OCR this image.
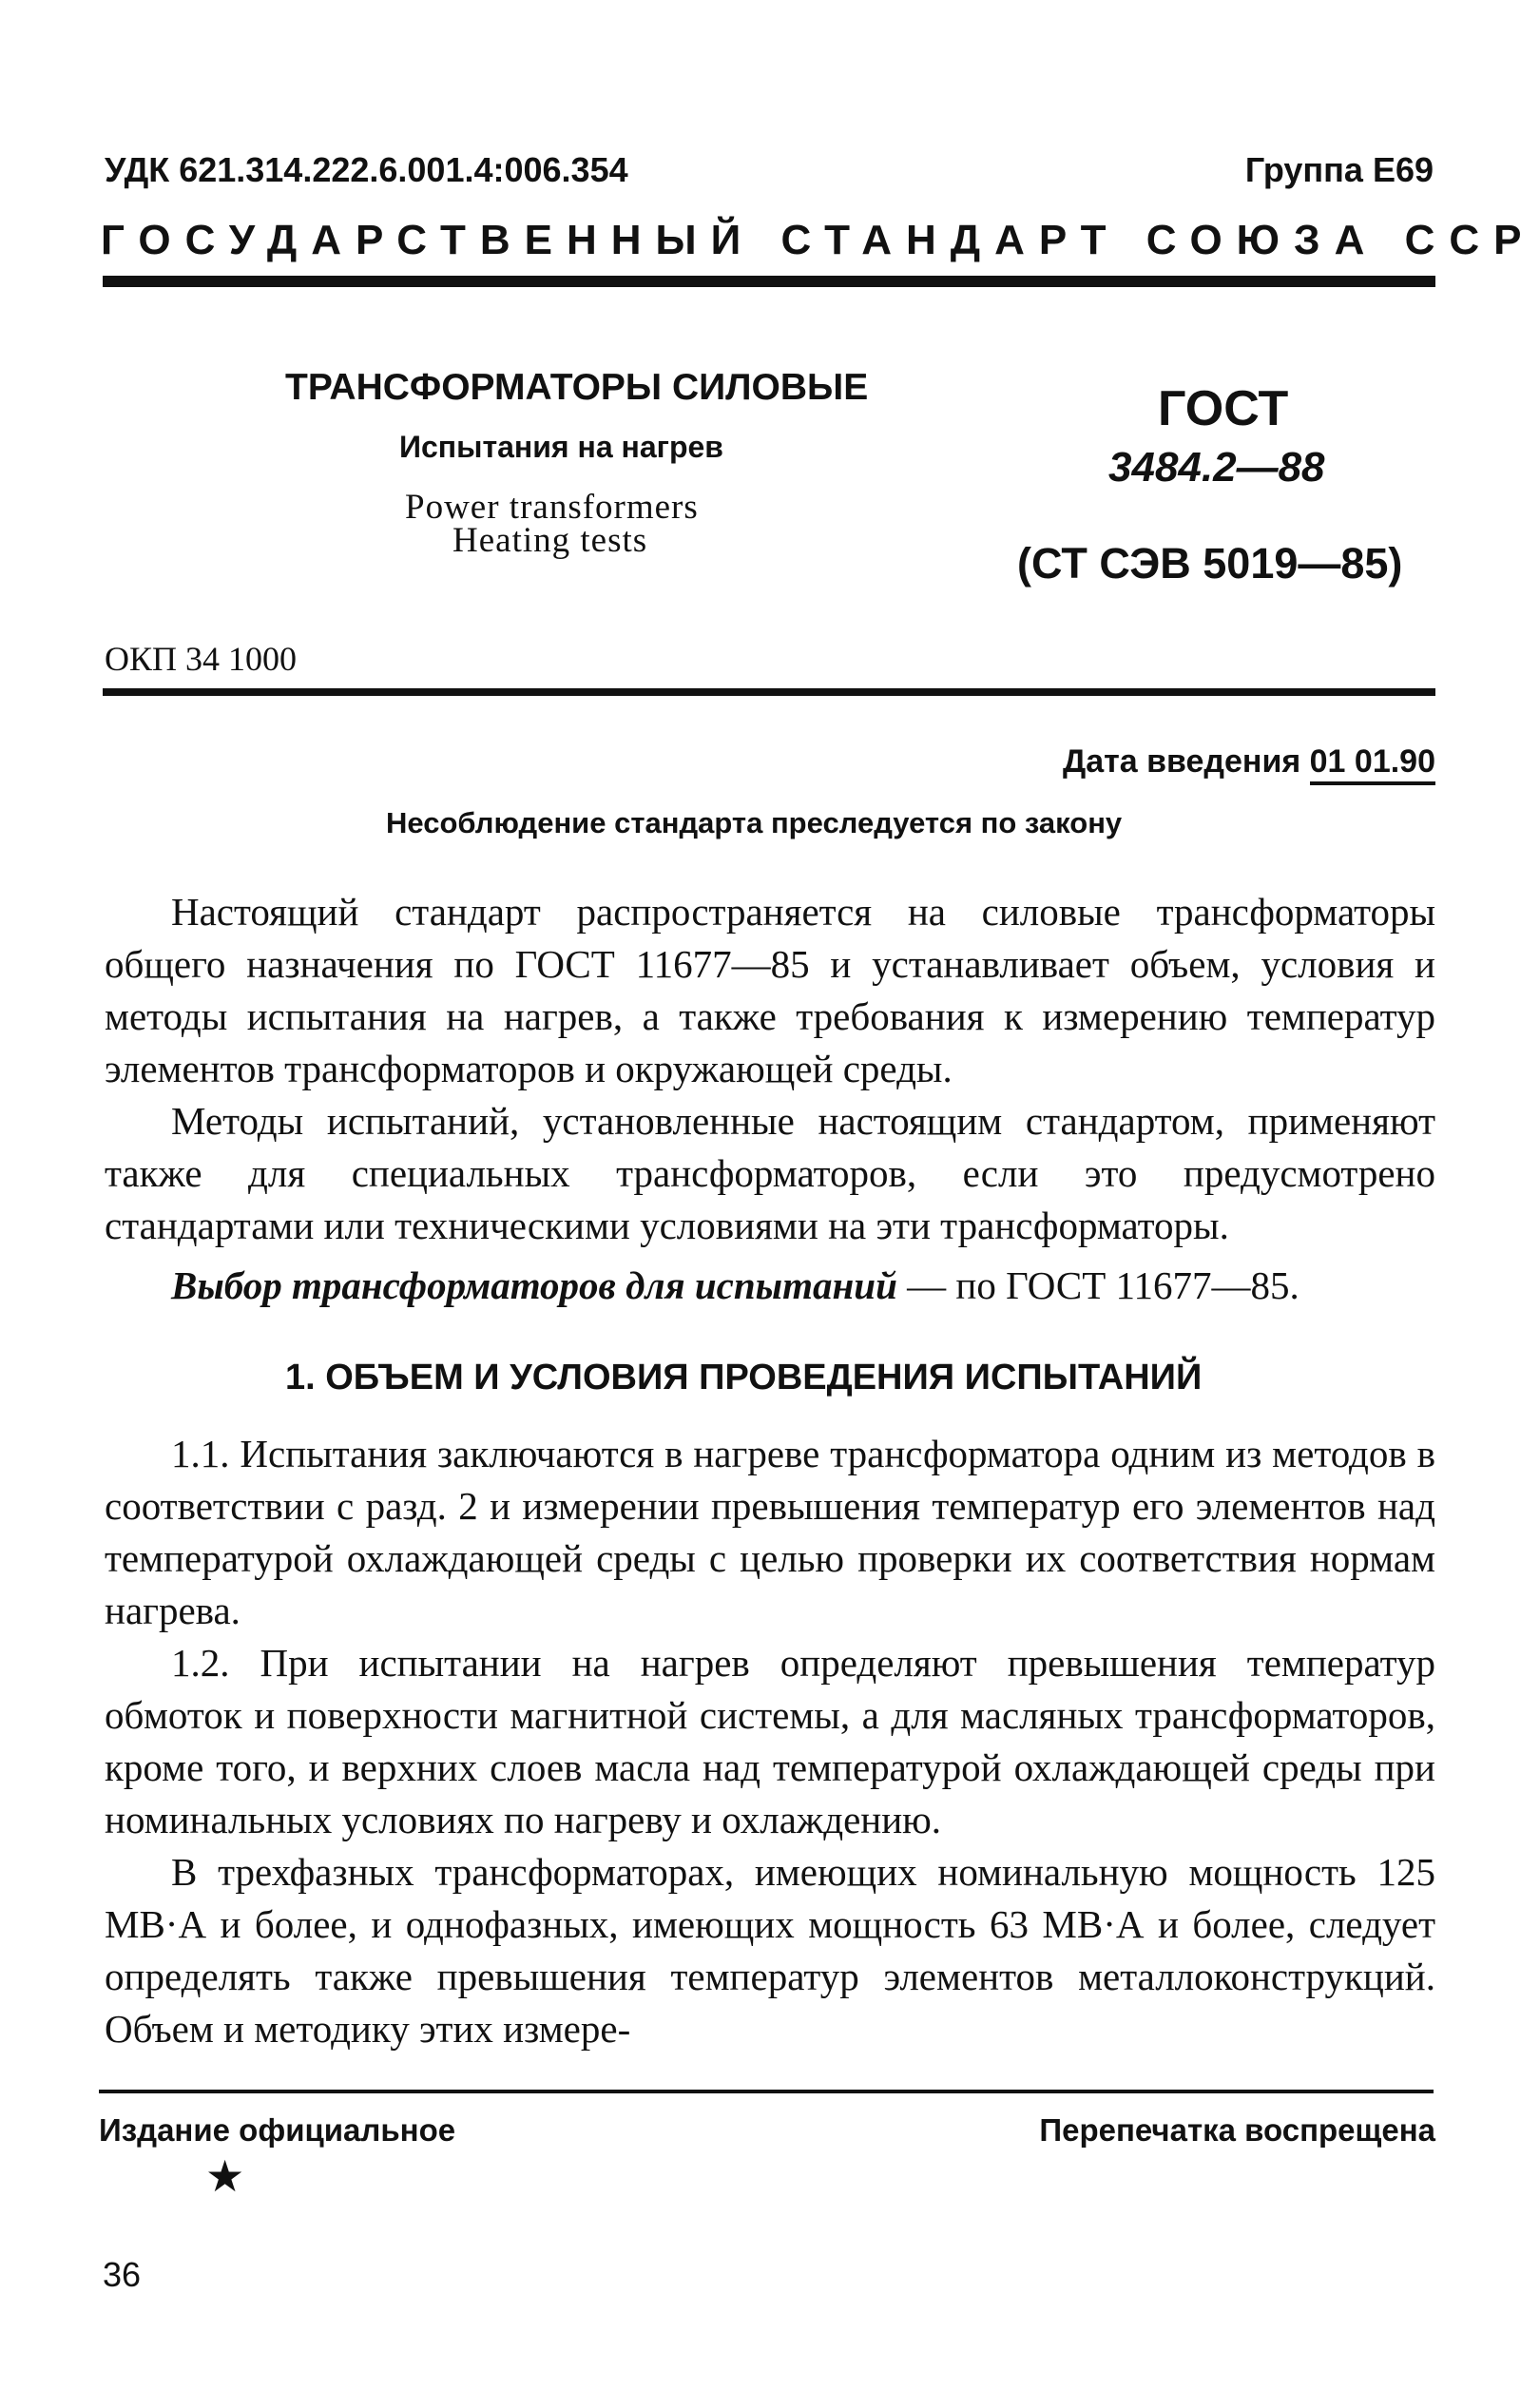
УДК 621.314.222.6.001.4:006.354	Группа Е69
ГОСУДАРСТВЕННЫЙ СТАНДАРТ СОЮЗА ССР
ТРАНСФОРМАТОРЫ СИЛОВЫЕ
Испытания на нагрев
Power transformers
Heating tests
ГОСТ
3484.2—88
(СТ СЭВ 5019—85)
ОКП 34 1000
Дата введения 01 01.90
Несоблюдение стандарта преследуется по закону

Настоящий стандарт распространяется на силовые трансформаторы общего назначения по ГОСТ 11677—85 и устанавливает объем, условия и методы испытания на нагрев, а также требования к измерению температур элементов трансформаторов и окружающей среды.

Методы испытаний, установленные настоящим стандартом, применяют также для специальных трансформаторов, если это предусмотрено стандартами или техническими условиями на эти трансформаторы.

Выбор трансформаторов для испытаний — по ГОСТ 11677—85.
1. ОБЪЕМ И УСЛОВИЯ ПРОВЕДЕНИЯ ИСПЫТАНИЙ

1.1. Испытания заключаются в нагреве трансформатора одним из методов в соответствии с разд. 2 и измерении превышения температур его элементов над температурой охлаждающей среды с целью проверки их соответствия нормам нагрева.

1.2. При испытании на нагрев определяют превышения температур обмоток и поверхности магнитной системы, а для масляных трансформаторов, кроме того, и верхних слоев масла над температурой охлаждающей среды при номинальных условиях по нагреву и охлаждению.

В трехфазных трансформаторах, имеющих номинальную мощность 125 МВ·А и более, и однофазных, имеющих мощность 63 МВ·А и более, следует определять также превышения температур элементов металлоконструкций. Объем и методику этих измере-

Издание официальное	Перепечатка воспрещена
★
36
